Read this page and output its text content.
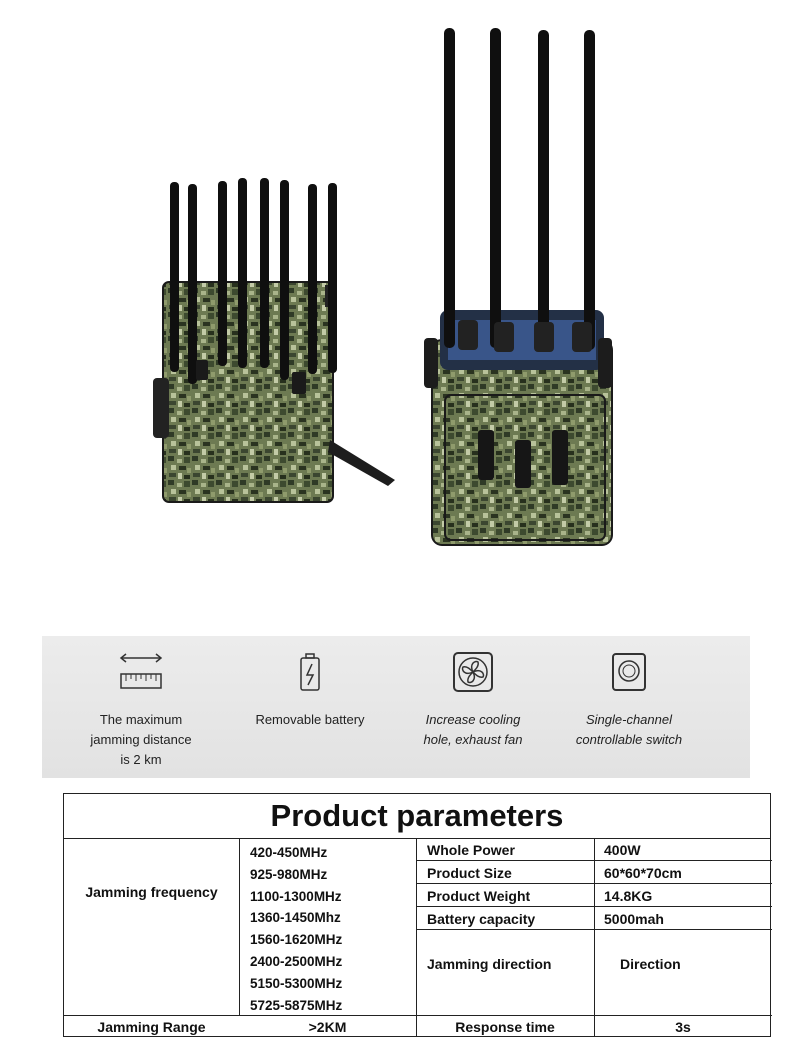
The maximum
jamming distance
is 2 km
Removable battery	Increase cooling
hole, exhaust fan
Single-channel
controllable switch
Product parameters
Jamming frequency
420-450MHz
925-980MHz
1100-1300MHz
1360-1450Mhz
1560-1620MHz
2400-2500MHz
5150-5300MHz
5725-5875MHz
Whole Power	400W
Product Size	60*60*70cm
Product Weight	14.8KG
Battery capacity	5000mah
Jamming direction	Direction
Jamming Range	>2KM	Response time	3s
